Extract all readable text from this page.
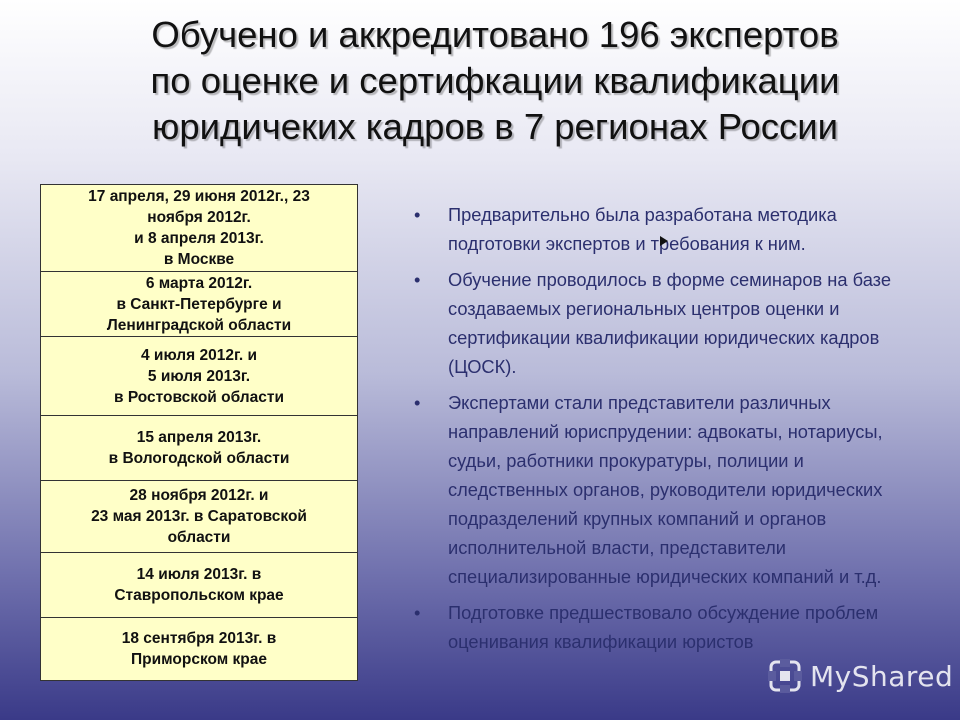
Обучено и аккредитовано 196 экспертов
по оценке и сертифкации квалификации
юридичеких кадров в 7 регионах России
17 апреля, 29 июня 2012г., 23
ноября 2012г.
и 8 апреля 2013г.
в Москве
6 марта 2012г.
в Санкт-Петербурге и
Ленинградской области
4 июля 2012г. и
5 июля 2013г.
в Ростовской области
15 апреля 2013г.
в Вологодской области
28 ноября 2012г. и
23 мая 2013г. в Саратовской
области
14 июля 2013г. в
Ставропольском крае
18 сентября 2013г. в
Приморском крае
• Предварительно была разработана методика
подготовки экспертов и требования к ним.
• Обучение проводилось в форме семинаров на базе
создаваемых региональных центров оценки и
сертификации квалификации юридических кадров
(ЦОСК).
• Экспертами стали представители различных
направлений юриспрудении: адвокаты, нотариусы,
судьи, работники прокуратуры, полиции и
следственных органов, руководители юридических
подразделений крупных компаний и органов
исполнительной власти, представители
специализированные юридических компаний и т.д.
• Подготовке предшествовало обсуждение проблем
оценивания квалификации юристов
MyShared
